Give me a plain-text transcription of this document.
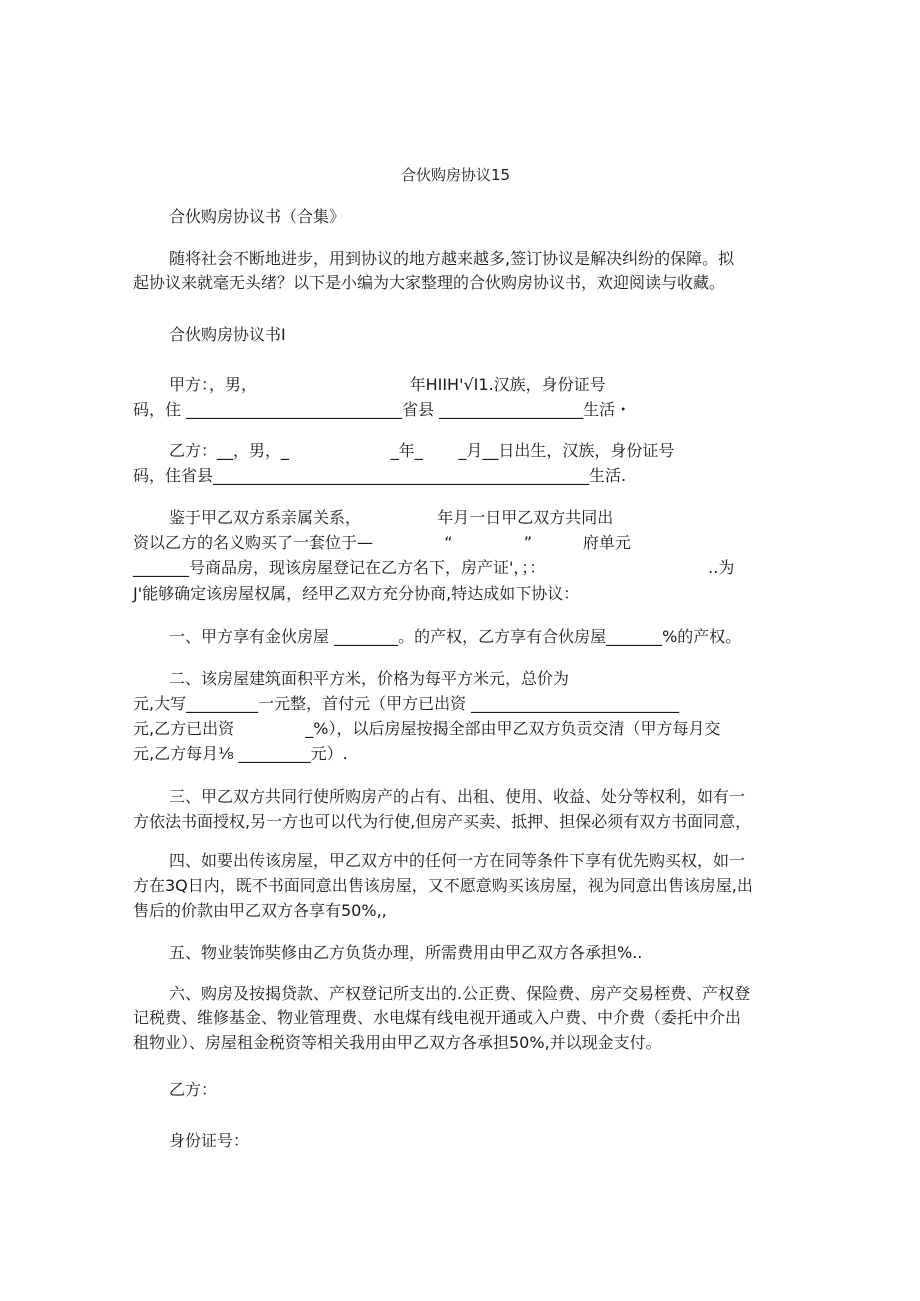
合伙购房协议15
合伙购房协议书（合集》
随将社会不断地进步，用到协议的地方越来越多,签订协议是解决纠纷的保障。拟
起协议来就毫无头绪？以下是小编为大家整理的合伙购房协议书，欢迎阅读与收藏。
合伙购房协议书I
甲方：，男，                              年HIIH'√I1.汉族，身份证号
码，住 ___________________________省县 __________________生活・
乙方：__，男，_                    _年_       _月__日出生，汉族，身份证号
码，住省县_______________________________________________生活.
鉴于甲乙双方系亲属关系，               年月一日甲乙双方共同出
资以乙方的名义购买了一套位于—              “              ”          府单元
_______号商品房，现该房屋登记在乙方名下，房产证'，；：                                ..为
J'能够确定该房屋权属，经甲乙双方充分协商,特达成如下协议：
一、甲方享有金伙房屋 ________。的产权，乙方享有合伙房屋_______%的产权。
二、该房屋建筑面积平方米，价格为每平方米元，总价为
元,大写_________一元整，首付元（甲方已出资 __________________________
元,乙方已出资              _%），以后房屋按揭全部由甲乙双方负贡交清（甲方每月交
元,乙方每月⅛ _________元）.
三、甲乙双方共同行使所购房产的占有、出租、使用、收益、处分等权利，如有一
方依法书面授权,另一方也可以代为行使,但房产买卖、抵押、担保必须有双方书面同意，
四、如要出传该房屋，甲乙双方中的任何一方在同等条件下享有优先购买权，如一
方在3Q日内，既不书面同意出售该房屋，又不愿意购买该房屋，视为同意出售该房屋,出
售后的价款由甲乙双方各享有50%,,
五、物业装饰奘修由乙方负货办理，所需费用由甲乙双方各承担%..
六、购房及按揭贷款、产权登记所支出的.公正费、保险费、房产交易桎费、产权登
记税费、维修基金、物业管理费、水电煤有线电视开通或入户费、中介费（委托中介出
租物业）、房屋租金税资等相关我用由甲乙双方各承担50%,并以现金支付。
乙方：
身份证号：
